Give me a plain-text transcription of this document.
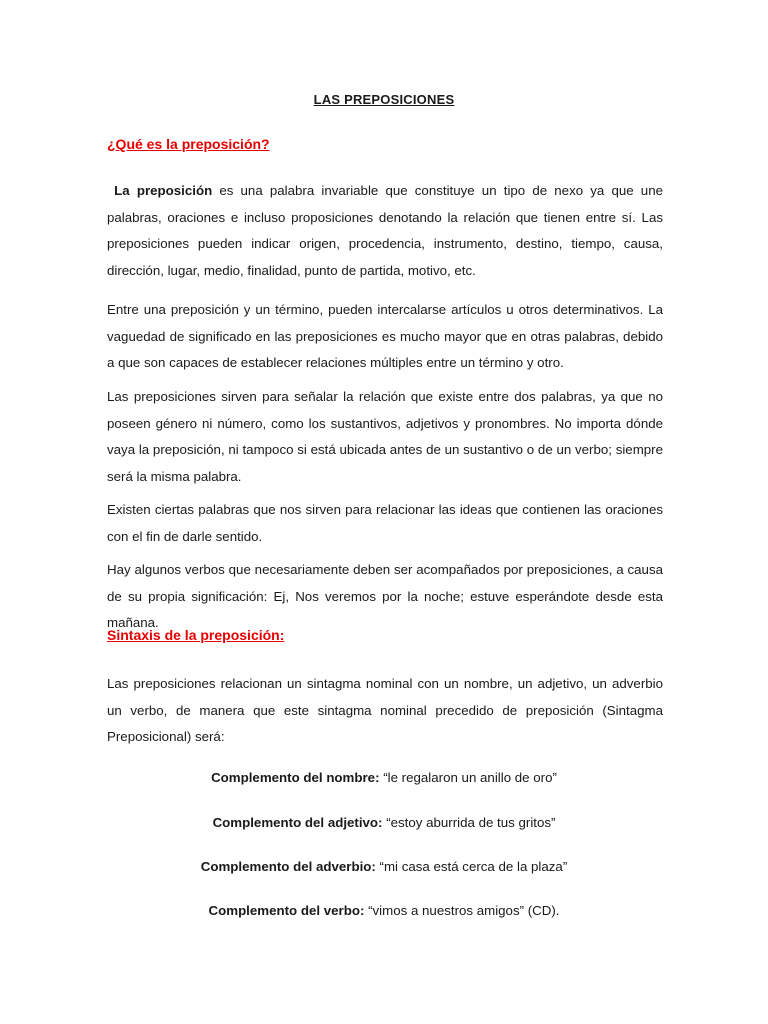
LAS PREPOSICIONES
¿Qué es la preposición?

La preposición es una palabra invariable que constituye un tipo de nexo ya que une palabras, oraciones e incluso proposiciones denotando la relación que tienen entre sí. Las preposiciones pueden indicar origen, procedencia, instrumento, destino, tiempo, causa, dirección, lugar, medio, finalidad, punto de partida, motivo, etc.

Entre una preposición y un término, pueden intercalarse artículos u otros determinativos. La vaguedad de significado en las preposiciones es mucho mayor que en otras palabras, debido a que son capaces de establecer relaciones múltiples entre un término y otro.

Las preposiciones sirven para señalar la relación que existe entre dos palabras, ya que no poseen género ni número, como los sustantivos, adjetivos y pronombres. No importa dónde vaya la preposición, ni tampoco si está ubicada antes de un sustantivo o de un verbo; siempre será la misma palabra.

Existen ciertas palabras que nos sirven para relacionar las ideas que contienen las oraciones con el fin de darle sentido.

Hay algunos verbos que necesariamente deben ser acompañados por preposiciones, a causa de su propia significación: Ej, Nos veremos por la noche; estuve esperándote desde esta mañana.

Sintaxis de la preposición:

Las preposiciones relacionan un sintagma nominal con un nombre, un adjetivo, un adverbio un verbo, de manera que este sintagma nominal precedido de preposición (Sintagma Preposicional) será:

Complemento del nombre: “le regalaron un anillo de oro”

Complemento del adjetivo: “estoy aburrida de tus gritos”

Complemento del adverbio: “mi casa está cerca de la plaza”

Complemento del verbo: “vimos a nuestros amigos” (CD).
